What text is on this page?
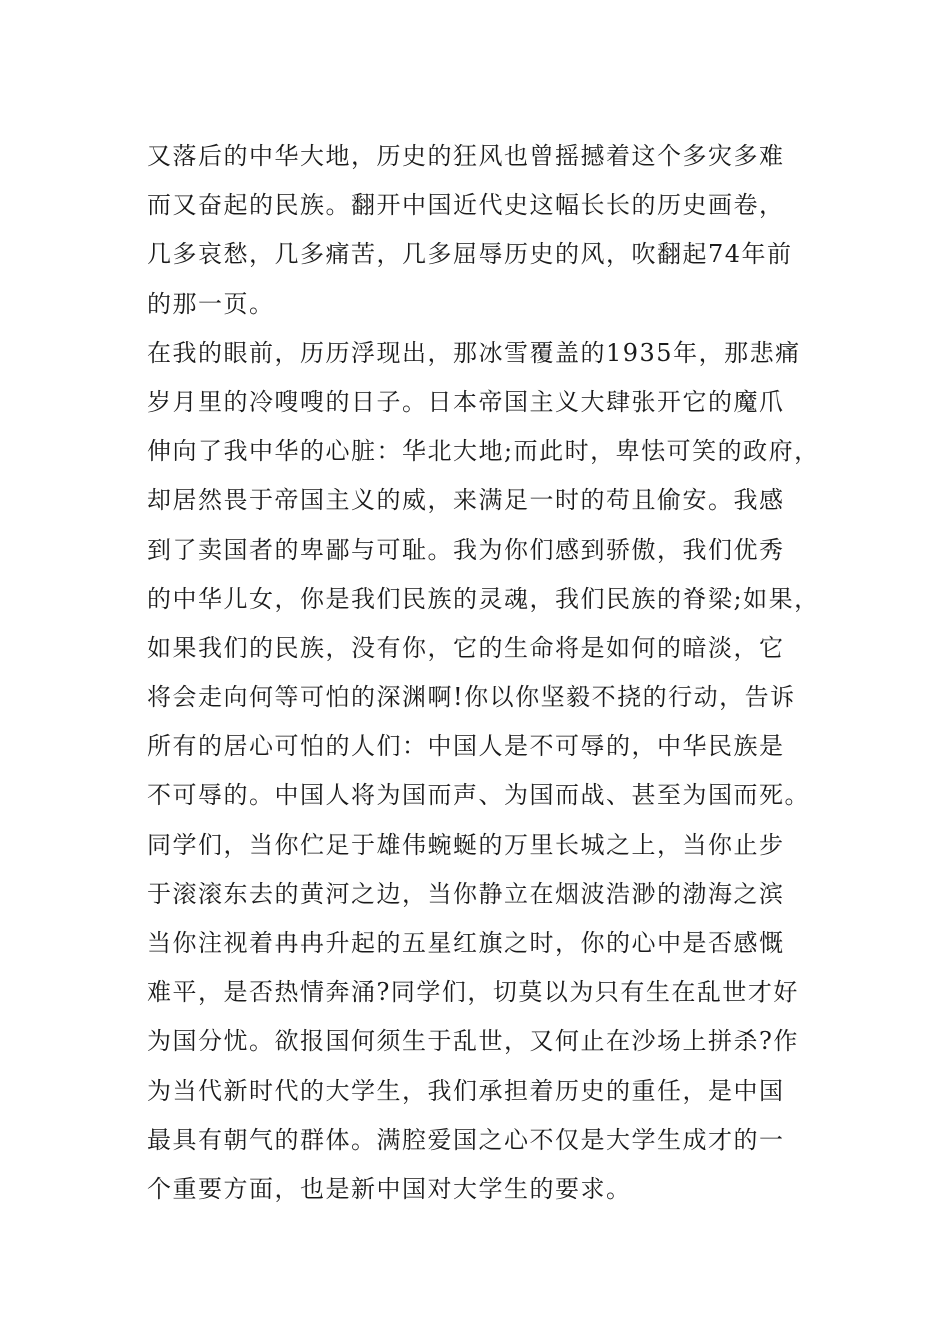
又落后的中华大地，历史的狂风也曾摇撼着这个多灾多难
而又奋起的民族。翻开中国近代史这幅长长的历史画卷，
几多哀愁，几多痛苦，几多屈辱历史的风，吹翻起74年前
的那一页。
在我的眼前，历历浮现出，那冰雪覆盖的1935年，那悲痛
岁月里的冷嗖嗖的日子。日本帝国主义大肆张开它的魔爪
伸向了我中华的心脏：华北大地;而此时，卑怯可笑的政府，
却居然畏于帝国主义的威，来满足一时的苟且偷安。我感
到了卖国者的卑鄙与可耻。我为你们感到骄傲，我们优秀
的中华儿女，你是我们民族的灵魂，我们民族的脊梁;如果，
如果我们的民族，没有你，它的生命将是如何的暗淡，它
将会走向何等可怕的深渊啊!你以你坚毅不挠的行动，告诉
所有的居心可怕的人们：中国人是不可辱的，中华民族是
不可辱的。中国人将为国而声、为国而战、甚至为国而死。
同学们，当你伫足于雄伟蜿蜒的万里长城之上，当你止步
于滚滚东去的黄河之边，当你静立在烟波浩渺的渤海之滨
当你注视着冉冉升起的五星红旗之时，你的心中是否感慨
难平，是否热情奔涌?同学们，切莫以为只有生在乱世才好
为国分忧。欲报国何须生于乱世，又何止在沙场上拼杀?作
为当代新时代的大学生，我们承担着历史的重任，是中国
最具有朝气的群体。满腔爱国之心不仅是大学生成才的一
个重要方面，也是新中国对大学生的要求。
